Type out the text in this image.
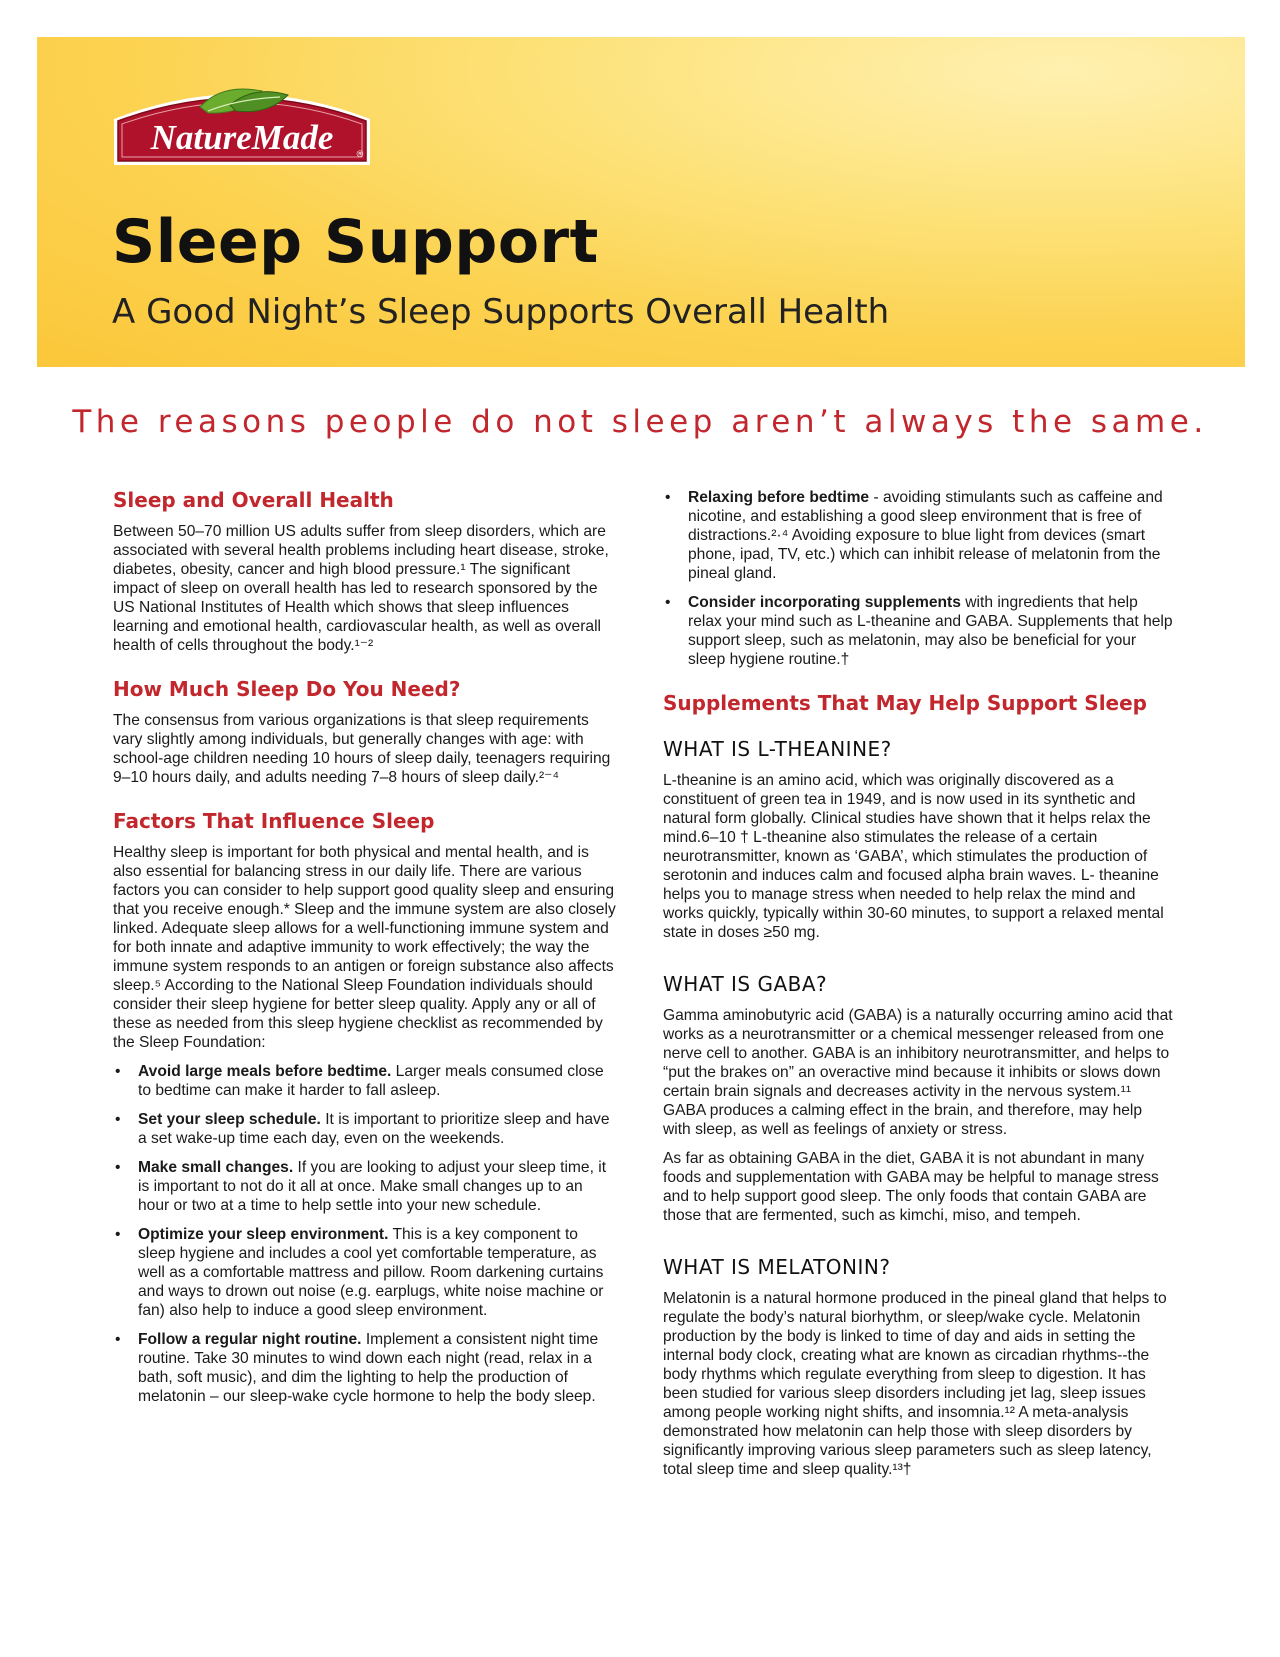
NatureMade	®
Sleep Support
A Good Night’s Sleep Supports Overall Health

The reasons people do not sleep aren’t always the same.

Sleep and Overall Health

Between 50–70 million US adults suffer from sleep disorders, which are associated with several health problems including heart disease, stroke, diabetes, obesity, cancer and high blood pressure.¹ The significant impact of sleep on overall health has led to research sponsored by the US National Institutes of Health which shows that sleep influences learning and emotional health, cardiovascular health, as well as overall health of cells throughout the body.¹⁻²

How Much Sleep Do You Need?

The consensus from various organizations is that sleep requirements vary slightly among individuals, but generally changes with age: with school-age children needing 10 hours of sleep daily, teenagers requiring 9–10 hours daily, and adults needing 7–8 hours of sleep daily.²⁻⁴

Factors That Influence Sleep

Healthy sleep is important for both physical and mental health, and is also essential for balancing stress in our daily life. There are various factors you can consider to help support good quality sleep and ensuring that you receive enough.* Sleep and the immune system are also closely linked. Adequate sleep allows for a well-functioning immune system and for both innate and adaptive immunity to work effectively; the way the immune system responds to an antigen or foreign substance also affects sleep.⁵ According to the National Sleep Foundation individuals should consider their sleep hygiene for better sleep quality. Apply any or all of these as needed from this sleep hygiene checklist as recommended by the Sleep Foundation:

• Avoid large meals before bedtime. Larger meals consumed close to bedtime can make it harder to fall asleep.
• Set your sleep schedule. It is important to prioritize sleep and have a set wake-up time each day, even on the weekends.
• Make small changes. If you are looking to adjust your sleep time, it is important to not do it all at once. Make small changes up to an hour or two at a time to help settle into your new schedule.
• Optimize your sleep environment. This is a key component to sleep hygiene and includes a cool yet comfortable temperature, as well as a comfortable mattress and pillow. Room darkening curtains and ways to drown out noise (e.g. earplugs, white noise machine or fan) also help to induce a good sleep environment.
• Follow a regular night routine. Implement a consistent night time routine. Take 30 minutes to wind down each night (read, relax in a bath, soft music), and dim the lighting to help the production of melatonin – our sleep-wake cycle hormone to help the body sleep.
• Relaxing before bedtime - avoiding stimulants such as caffeine and nicotine, and establishing a good sleep environment that is free of distractions.²·⁴ Avoiding exposure to blue light from devices (smart phone, ipad, TV, etc.) which can inhibit release of melatonin from the pineal gland.
• Consider incorporating supplements with ingredients that help relax your mind such as L-theanine and GABA. Supplements that help support sleep, such as melatonin, may also be beneficial for your sleep hygiene routine.†
Supplements That May Help Support Sleep
WHAT IS L-THEANINE?

L-theanine is an amino acid, which was originally discovered as a constituent of green tea in 1949, and is now used in its synthetic and natural form globally. Clinical studies have shown that it helps relax the mind.6–10 † L-theanine also stimulates the release of a certain neurotransmitter, known as ‘GABA’, which stimulates the production of serotonin and induces calm and focused alpha brain waves. L- theanine helps you to manage stress when needed to help relax the mind and works quickly, typically within 30-60 minutes, to support a relaxed mental state in doses ≥50 mg.

WHAT IS GABA?

Gamma aminobutyric acid (GABA) is a naturally occurring amino acid that works as a neurotransmitter or a chemical messenger released from one nerve cell to another. GABA is an inhibitory neurotransmitter, and helps to “put the brakes on” an overactive mind because it inhibits or slows down certain brain signals and decreases activity in the nervous system.¹¹ GABA produces a calming effect in the brain, and therefore, may help with sleep, as well as feelings of anxiety or stress.

As far as obtaining GABA in the diet, GABA it is not abundant in many foods and supplementation with GABA may be helpful to manage stress and to help support good sleep. The only foods that contain GABA are those that are fermented, such as kimchi, miso, and tempeh.

WHAT IS MELATONIN?

Melatonin is a natural hormone produced in the pineal gland that helps to regulate the body’s natural biorhythm, or sleep/wake cycle. Melatonin production by the body is linked to time of day and aids in setting the internal body clock, creating what are known as circadian rhythms--the body rhythms which regulate everything from sleep to digestion. It has been studied for various sleep disorders including jet lag, sleep issues among people working night shifts, and insomnia.¹² A meta-analysis demonstrated how melatonin can help those with sleep disorders by significantly improving various sleep parameters such as sleep latency, total sleep time and sleep quality.¹³†
